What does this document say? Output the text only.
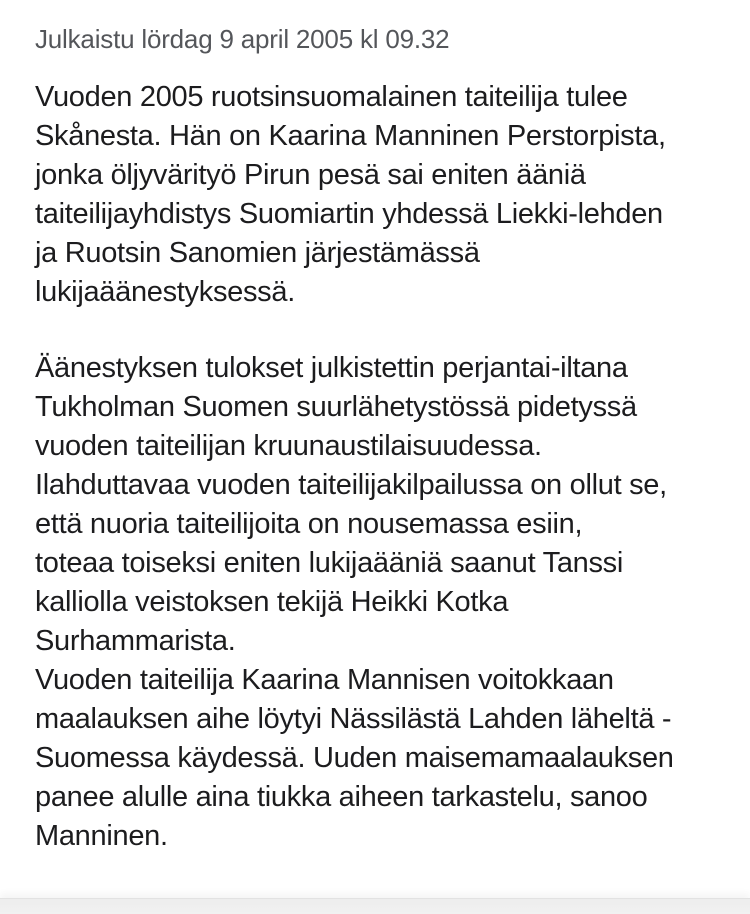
Julkaistu lördag 9 april 2005 kl 09.32
Vuoden 2005 ruotsinsuomalainen taiteilija tulee
Skånesta. Hän on Kaarina Manninen Perstorpista,
jonka öljyvärityö Pirun pesä sai eniten ääniä
taiteilijayhdistys Suomiartin yhdessä Liekki-lehden
ja Ruotsin Sanomien järjestämässä
lukijaäänestyksessä.
Äänestyksen tulokset julkistettin perjantai-iltana
Tukholman Suomen suurlähetystössä pidetyssä
vuoden taiteilijan kruunaustilaisuudessa.
Ilahduttavaa vuoden taiteilijakilpailussa on ollut se,
että nuoria taiteilijoita on nousemassa esiin,
toteaa toiseksi eniten lukijaääniä saanut Tanssi
kalliolla veistoksen tekijä Heikki Kotka
Surhammarista.
Vuoden taiteilija Kaarina Mannisen voitokkaan
maalauksen aihe löytyi Nässilästä Lahden läheltä -
Suomessa käydessä. Uuden maisemamaalauksen
panee alulle aina tiukka aiheen tarkastelu, sanoo
Manninen.
